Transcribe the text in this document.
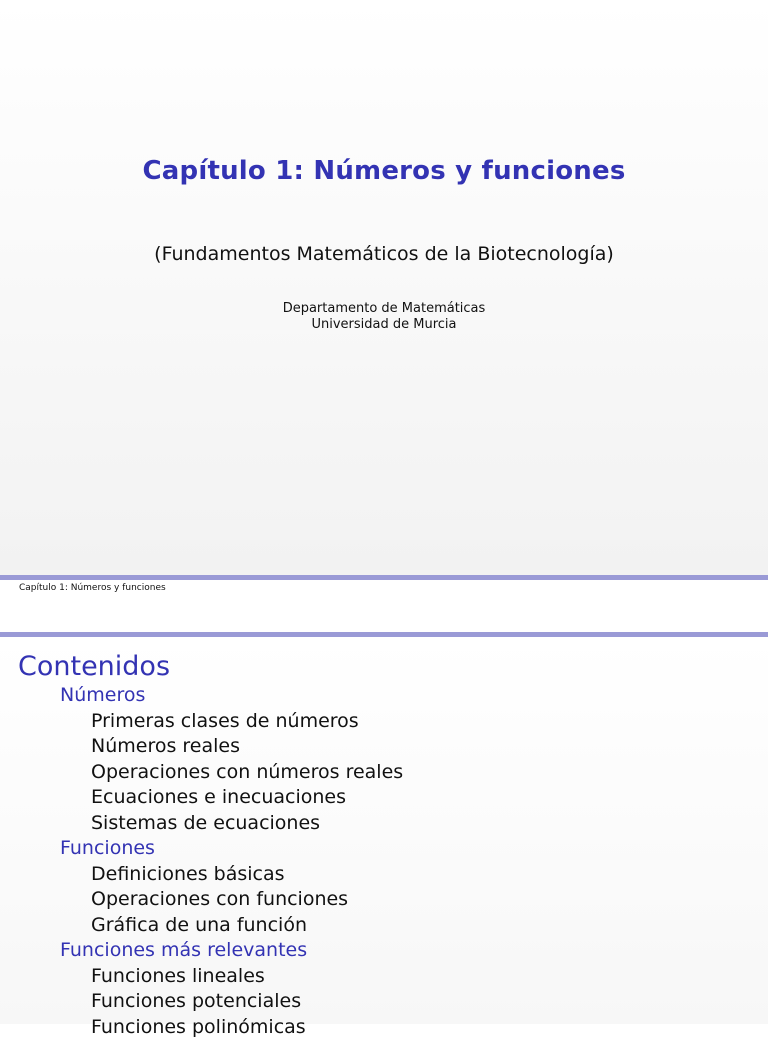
Capítulo 1: Números y funciones
(Fundamentos Matemáticos de la Biotecnología)
Departamento de Matemáticas
Universidad de Murcia
Capítulo 1: Números y funciones
Contenidos
Números
Primeras clases de números
Números reales
Operaciones con números reales
Ecuaciones e inecuaciones
Sistemas de ecuaciones
Funciones
Definiciones básicas
Operaciones con funciones
Gráfica de una función
Funciones más relevantes
Funciones lineales
Funciones potenciales
Funciones polinómicas
